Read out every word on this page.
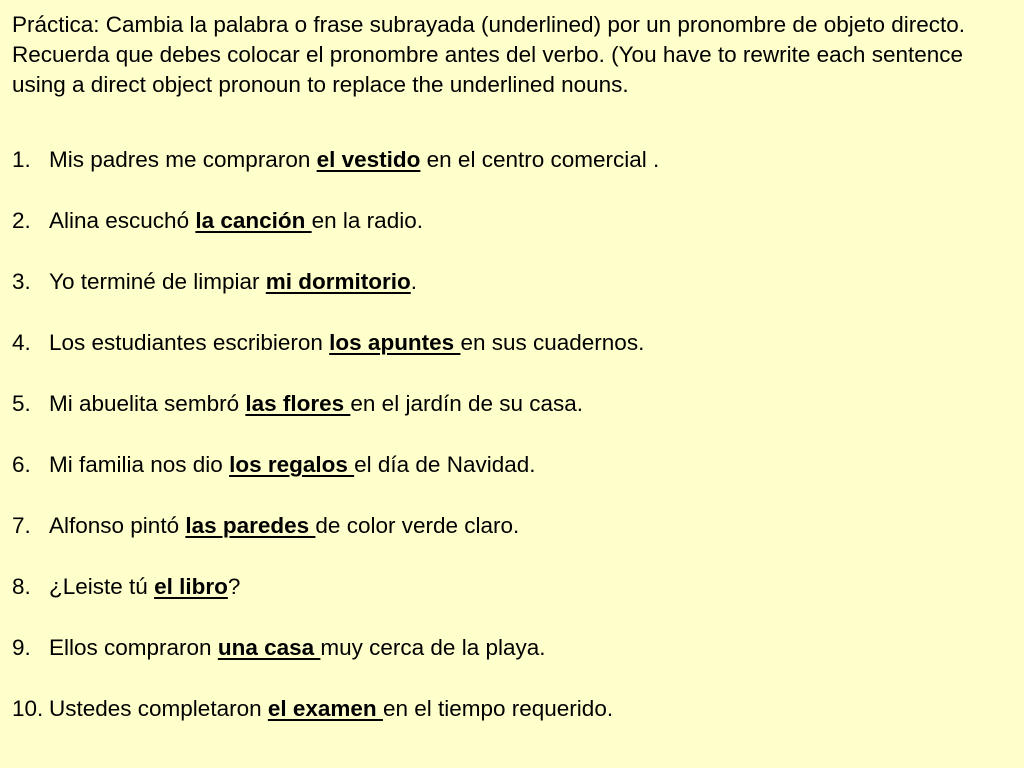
Práctica: Cambia la palabra o frase subrayada (underlined) por un pronombre de objeto directo. Recuerda que debes colocar el pronombre antes del verbo. (You have to rewrite each sentence using a direct object pronoun to replace the underlined nouns.

1. Mis padres me compraron el vestido en el centro comercial .
2. Alina escuchó la canción en la radio.
3. Yo terminé de limpiar mi dormitorio.
4. Los estudiantes escribieron los apuntes en sus cuadernos.
5. Mi abuelita sembró las flores en el jardín de su casa.
6. Mi familia nos dio los regalos el día de Navidad.
7. Alfonso pintó las paredes de color verde claro.
8. ¿Leiste tú el libro?
9. Ellos compraron una casa muy cerca de la playa.
10. Ustedes completaron el examen en el tiempo requerido.
